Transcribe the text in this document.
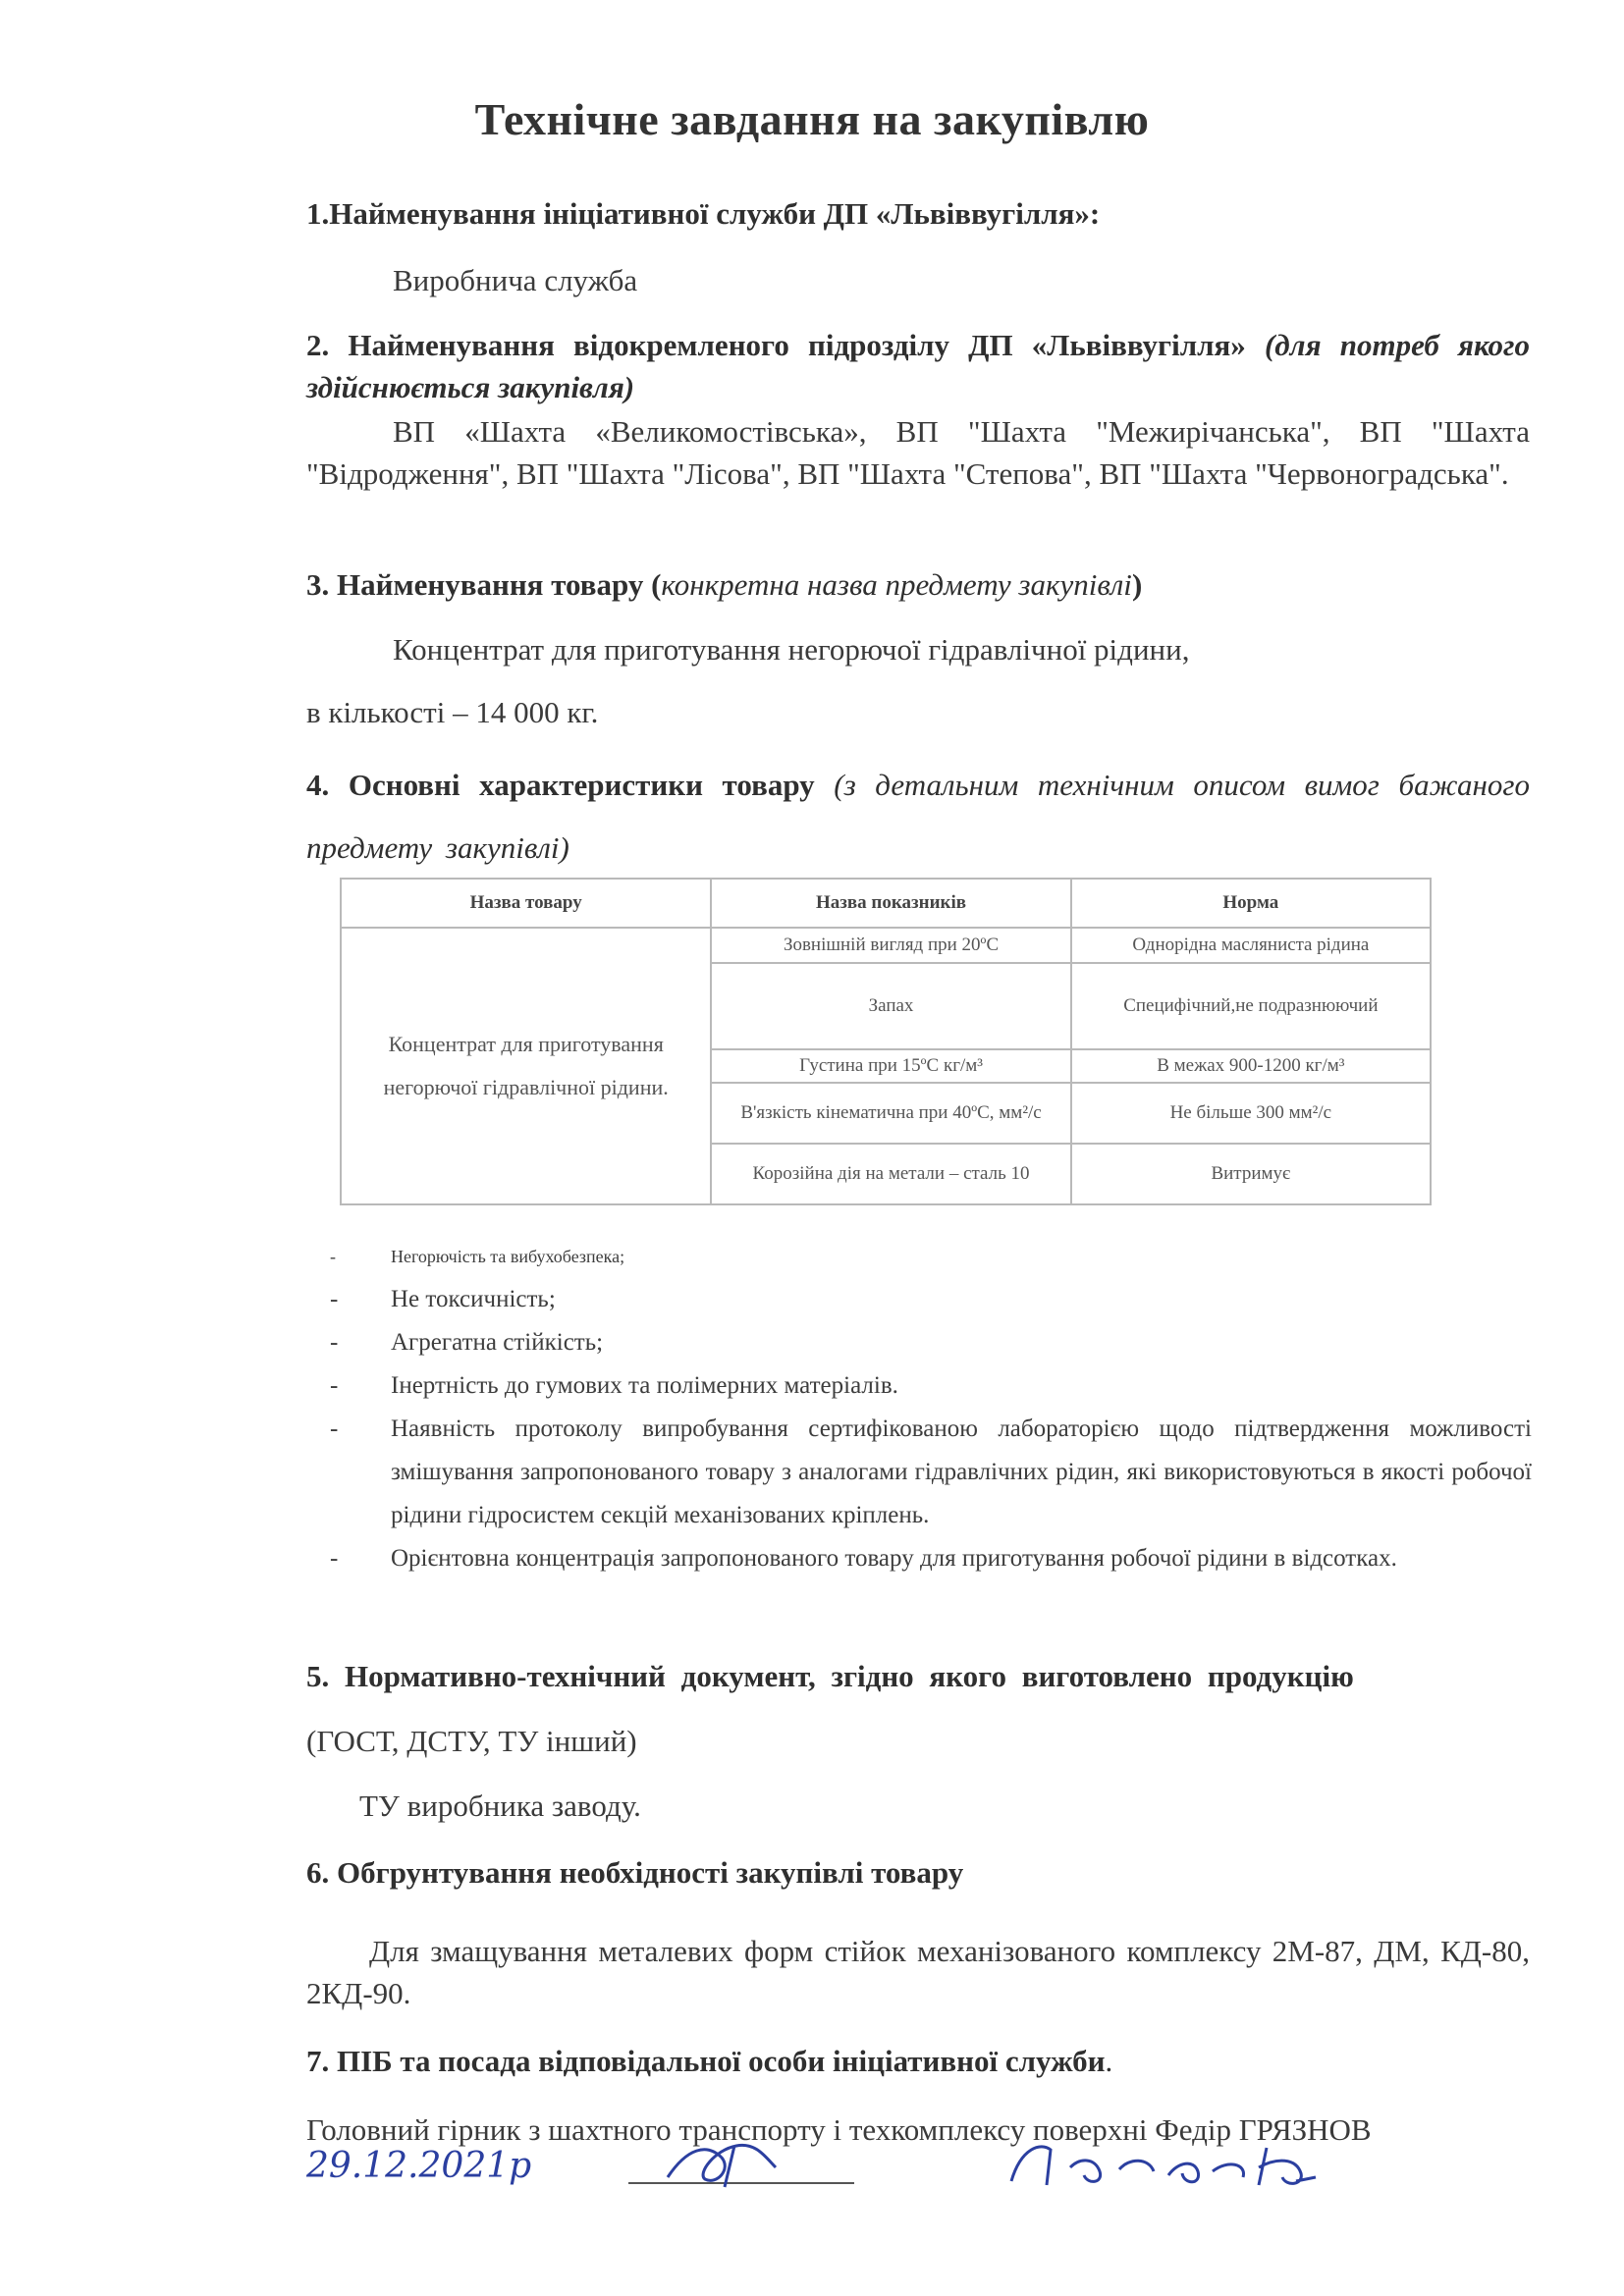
Технічне завдання на закупівлю
1.Найменування ініціативної служби ДП «Львіввугілля»:
Виробнича служба
2. Найменування відокремленого підрозділу ДП «Львіввугілля» (для потреб якого здійснюється закупівля)
ВП «Шахта «Великомостівська», ВП "Шахта "Межирічанська", ВП "Шахта "Відродження", ВП "Шахта "Лісова", ВП "Шахта "Степова", ВП "Шахта "Червоноградська".
3. Найменування товару (конкретна назва предмету закупівлі)
Концентрат для приготування негорючої гідравлічної рідини,
в кількості – 14 000 кг.
4. Основні характеристики товару (з детальним технічним описом вимог бажаного предмету закупівлі)
Назва товару	Назва показників	Норма
Концентрат для приготування негорючої гідравлічної рідини.	Зовнішній вигляд при 20ºС	Однорідна маслянистa рідина
	Запах	Специфічний,не подразнюючий
	Густина при 15ºС кг/м³	В межах 900-1200 кг/м³
	В'язкість кінематична при 40ºС, мм²/с	Не більше 300 мм²/с
	Корозійна дія на метали – сталь 10	Витримує
-	Негорючість та вибухобезпека;
- Не токсичність;
- Агрегатна стійкість;
- Інертність до гумових та полімерних матеріалів.
- Наявність протоколу випробування сертифікованою лабораторією щодо підтвердження можливості змішування запропонованого товару з аналогами гідравлічних рідин, які використовуються в якості робочої рідини гідросистем секцій механізованих кріплень.
- Орієнтовна концентрація запропонованого товару для приготування робочої рідини в відсотках.
5. Нормативно-технічний документ, згідно якого виготовлено продукцію
(ГОСТ, ДСТУ, ТУ інший)
ТУ виробника заводу.
6. Обгрунтування необхідності закупівлі товару
Для змащування металевих форм стійок механізованого комплексу 2М-87, ДМ, КД-80, 2КД-90.
7. ПІБ та посада відповідальної особи ініціативної служби.
Головний гірник з шахтного транспорту і техкомплексу поверхні Федір ГРЯЗНОВ
29.12.2021р
